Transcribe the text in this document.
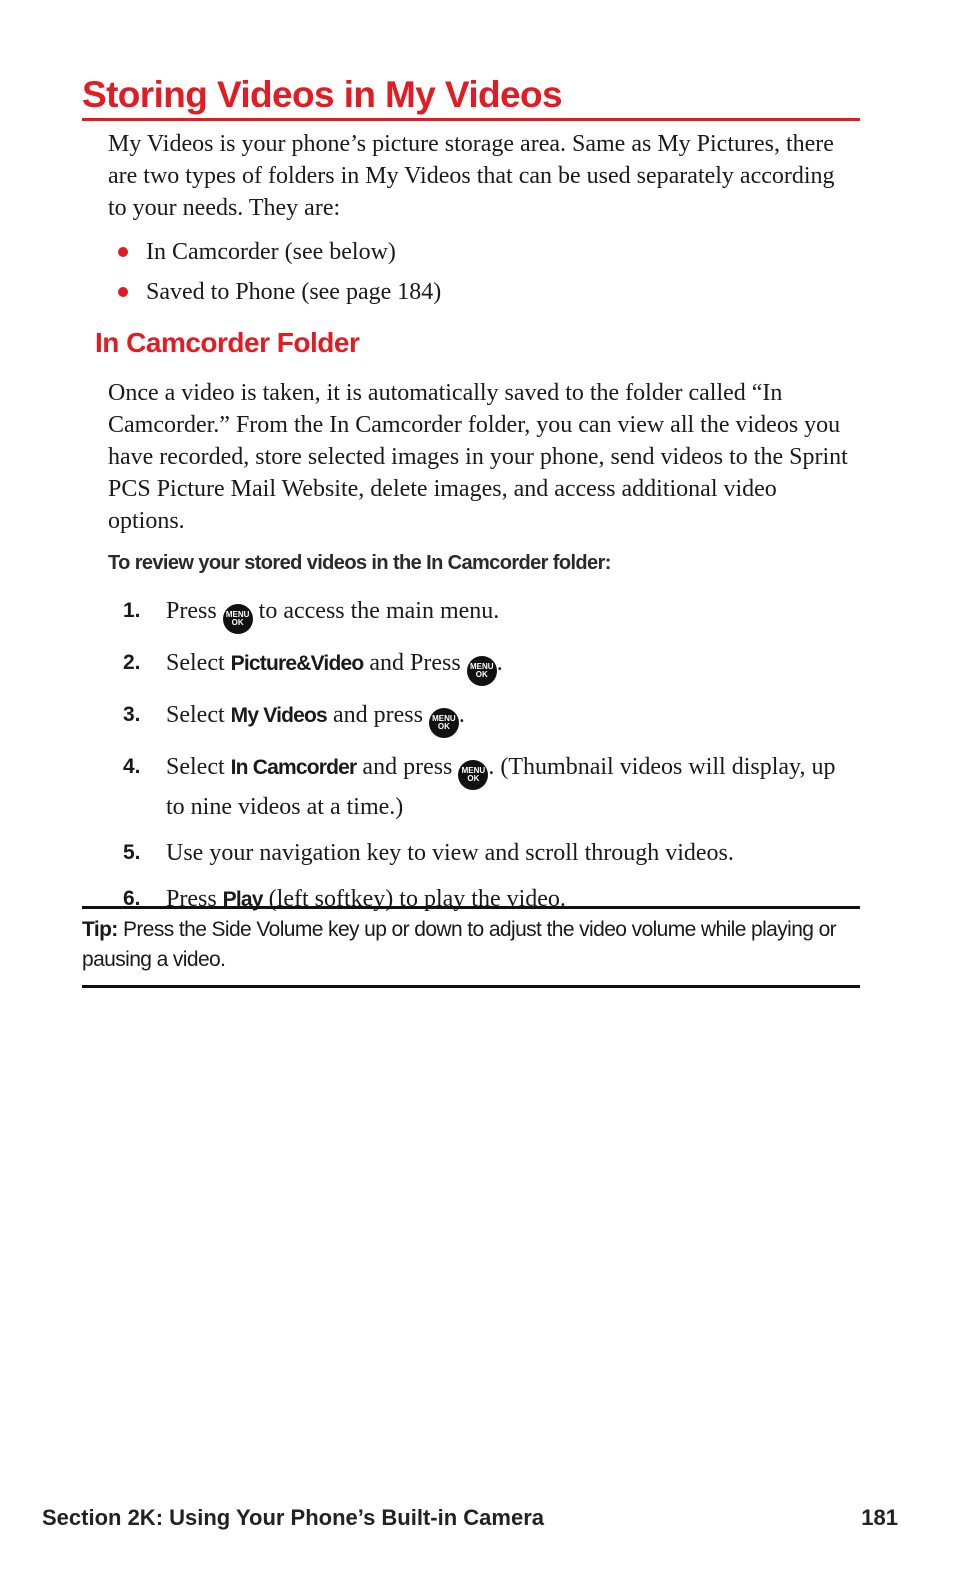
Storing Videos in My Videos

My Videos is your phone’s picture storage area. Same as My Pictures, there are two types of folders in My Videos that can be used separately according to your needs. They are:

In Camcorder (see below)
Saved to Phone (see page 184)
In Camcorder Folder

Once a video is taken, it is automatically saved to the folder called “In Camcorder.” From the In Camcorder folder, you can view all the videos you have recorded, store selected images in your phone, send videos to the Sprint PCS Picture Mail Website, delete images, and access additional video options.

To review your stored videos in the In Camcorder folder:

1. Press	MENU
OK to access the main menu.
2. Select Picture&Video and Press	MENU
OK .
3. Select My Videos and press	MENU
OK .
4. Select In Camcorder and press	MENU
OK . (Thumbnail videos will display, up to nine videos at a time.)
5. Use your navigation key to view and scroll through videos.
6. Press Play (left softkey) to play the video.
Tip: Press the Side Volume key up or down to adjust the video volume while playing or pausing a video.
Section 2K: Using Your Phone’s Built-in Camera	181
